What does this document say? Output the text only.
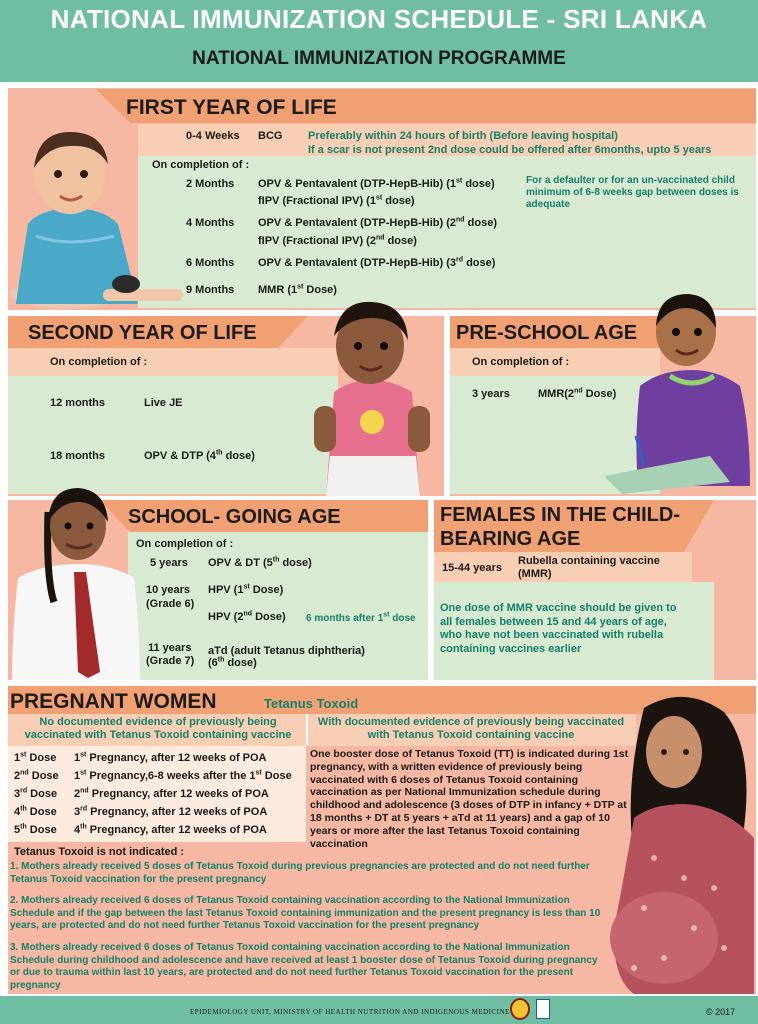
NATIONAL IMMUNIZATION SCHEDULE - SRI LANKA
NATIONAL IMMUNIZATION PROGRAMME
FIRST YEAR OF LIFE
0-4 Weeks BCG Preferably within 24 hours of birth (Before leaving hospital)
If a scar is not present 2nd dose could be offered after 6months, upto 5 years
On completion of :
2 Months OPV & Pentavalent (DTP-HepB-Hib) (1st dose)
fIPV (Fractional IPV) (1st dose)
4 Months OPV & Pentavalent (DTP-HepB-Hib) (2nd dose)
fIPV (Fractional IPV) (2nd dose)
6 Months OPV & Pentavalent (DTP-HepB-Hib) (3rd dose)
9 Months MMR (1st Dose)
For a defaulter or for an un-vaccinated child minimum of 6-8 weeks gap between doses is adequate
SECOND YEAR OF LIFE
On completion of :
12 months	Live JE
18 months	OPV & DTP (4th dose)
PRE-SCHOOL AGE
On completion of :
3 years	MMR(2nd Dose)
SCHOOL- GOING AGE
On completion of :
5 years OPV & DT (5th dose)
10 years
(Grade 6)
HPV (1st Dose)
HPV (2nd Dose) 6 months after 1st dose
11 years
(Grade 7)
aTd (adult Tetanus diphtheria)
(6th dose)
FEMALES IN THE CHILD-
BEARING AGE
15-44 years
Rubella containing vaccine
(MMR)
One dose of MMR vaccine should be given to all females between 15 and 44 years of age, who have not been vaccinated with rubella containing vaccines earlier
PREGNANT WOMEN	Tetanus Toxoid
No documented evidence of previously being vaccinated with Tetanus Toxoid containing vaccine
With documented evidence of previously being vaccinated with Tetanus Toxoid containing vaccine
1st Dose 1st Pregnancy, after 12 weeks of POA
2nd Dose 1st Pregnancy,6-8 weeks after the 1st Dose
3rd Dose 2nd Pregnancy, after 12 weeks of POA
4th Dose 3rd Pregnancy, after 12 weeks of POA
5th Dose 4th Pregnancy, after 12 weeks of POA
One booster dose of Tetanus Toxoid (TT) is indicated during 1st pregnancy, with a written evidence of previously being vaccinated with 6 doses of Tetanus Toxoid containing vaccination as per National Immunization schedule during childhood and adolescence (3 doses of DTP in infancy + DTP at 18 months + DT at 5 years + aTd at 11 years) and a gap of 10 years or more after the last Tetanus Toxoid containing vaccination
Tetanus Toxoid is not indicated :
1. Mothers already received 5 doses of Tetanus Toxoid during previous pregnancies are protected and do not need further Tetanus Toxoid vaccination for the present pregnancy
2. Mothers already received 6 doses of Tetanus Toxoid containing vaccination according to the National Immunization Schedule and if the gap between the last Tetanus Toxoid containing immunization and the present pregnancy is less than 10 years, are protected and do not need further Tetanus Toxoid vaccination for the present pregnancy
3. Mothers already received 6 doses of Tetanus Toxoid containing vaccination according to the National Immunization Schedule during childhood and adolescence and have received at least 1 booster dose of Tetanus Toxoid during pregnancy or due to trauma within last 10 years, are protected and do not need further Tetanus Toxoid vaccination for the present pregnancy
EPIDEMIOLOGY UNIT, MINISTRY OF HEALTH NUTRITION AND INDIGENOUS MEDICINE	© 2017
